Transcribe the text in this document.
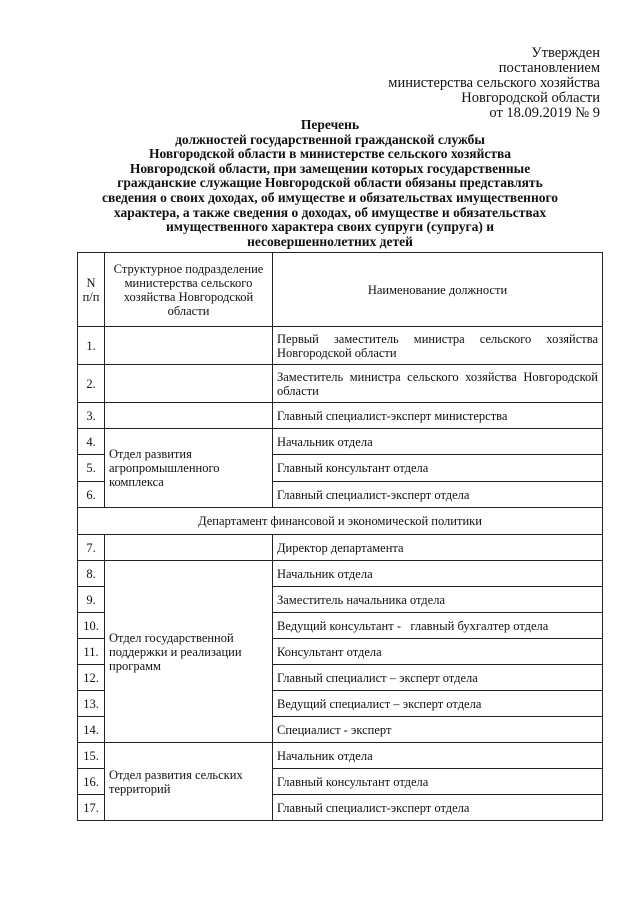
Утвержден
постановлением
министерства сельского хозяйства
Новгородской области
от 18.09.2019 № 9
Перечень
должностей государственной гражданской службы
Новгородской области в министерстве сельского хозяйства
Новгородской области, при замещении которых государственные
гражданские служащие Новгородской области обязаны представлять
сведения о своих доходах, об имуществе и обязательствах имущественного
характера, а также сведения о доходах, об имуществе и обязательствах
имущественного характера своих супруги (супруга) и
несовершеннолетних детей
N п/п	Структурное подразделение министерства сельского хозяйства Новгородской области	Наименование должности
1.		Первый заместитель министра сельского хозяйства Новгородской области
2.		Заместитель министра сельского хозяйства Новгородской области
3.		Главный специалист-эксперт министерства
4.	Отдел развития агропромышленного комплекса	Начальник отдела
5.		Главный консультант отдела
6.		Главный специалист-эксперт отдела
Департамент финансовой и экономической политики		
7.		Директор департамента
8.	Отдел государственной поддержки и реализации программ	Начальник отдела
9.		Заместитель начальника отдела
10.		Ведущий консультант -   главный бухгалтер отдела
11.		Консультант отдела
12.		Главный специалист – эксперт отдела
13.		Ведущий специалист – эксперт отдела
14.		Специалист - эксперт
15.	Отдел развития сельских территорий	Начальник отдела
16.		Главный консультант отдела
17.		Главный специалист-эксперт отдела
